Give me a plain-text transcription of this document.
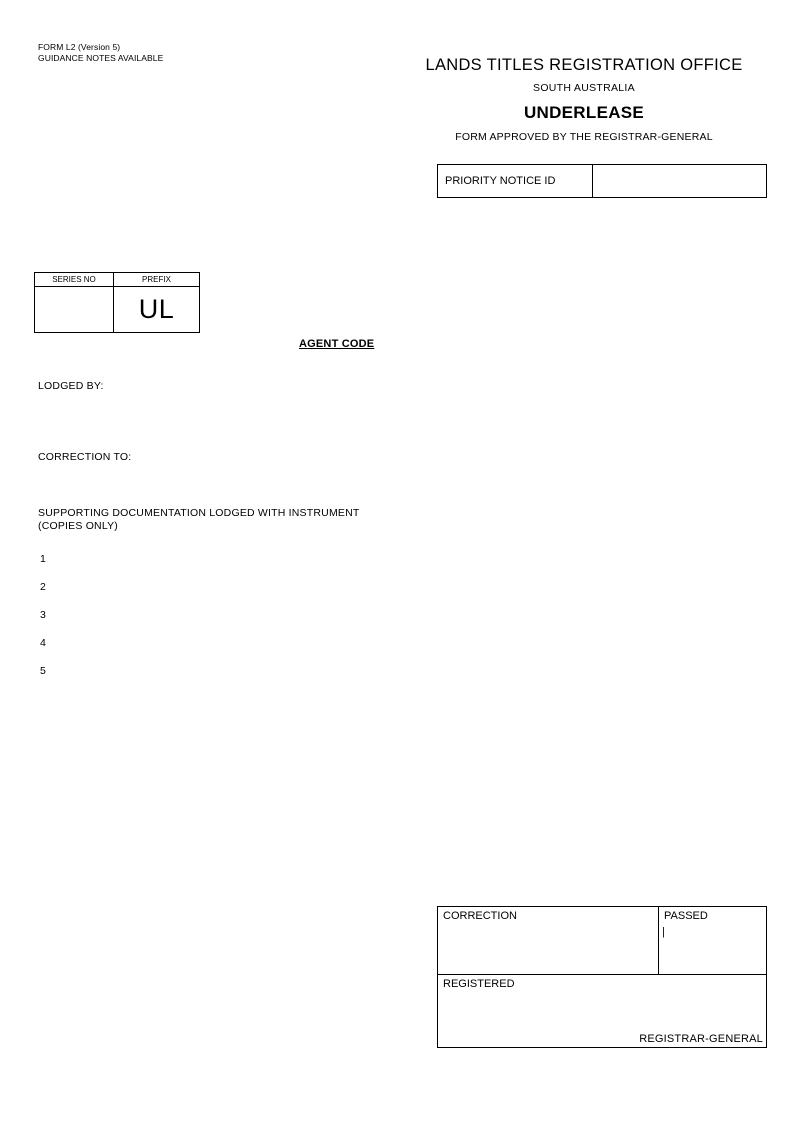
FORM L2 (Version 5)
GUIDANCE NOTES AVAILABLE	LANDS TITLES REGISTRATION OFFICE
SOUTH AUSTRALIA
UNDERLEASE
FORM APPROVED BY THE REGISTRAR-GENERAL
PRIORITY NOTICE ID
SERIES NO	PREFIX
UL
AGENT CODE
LODGED BY:
CORRECTION TO:
SUPPORTING DOCUMENTATION LODGED WITH INSTRUMENT
(COPIES ONLY)
1
2
3
4
5
CORRECTION
|
PASSED
REGISTERED
REGISTRAR-GENERAL
